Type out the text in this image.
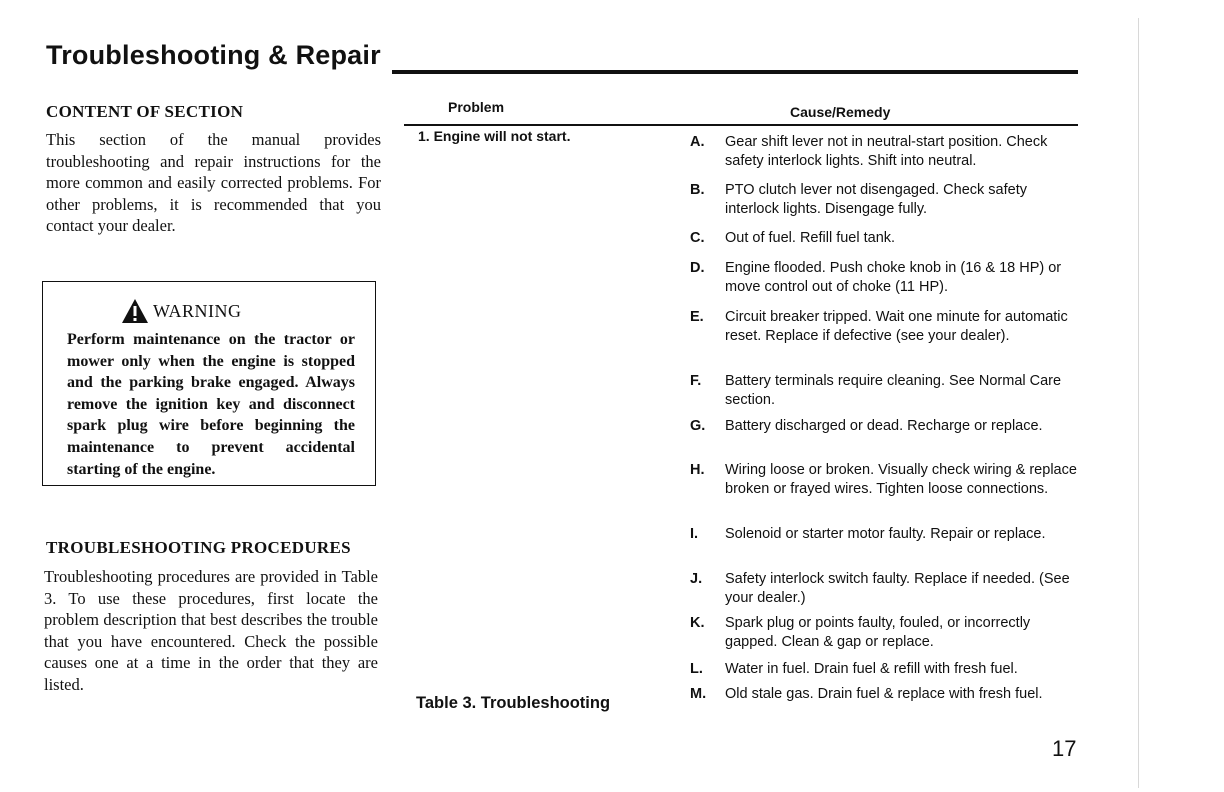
Troubleshooting & Repair
CONTENT OF SECTION
This section of the manual provides troubleshooting and repair instructions for the more common and easily corrected problems. For other problems, it is recommended that you contact your dealer.
WARNING
Perform maintenance on the tractor or mower only when the engine is stopped and the parking brake engaged. Always remove the ignition key and disconnect spark plug wire before beginning the maintenance to prevent accidental starting of the engine.
TROUBLESHOOTING PROCEDURES
Troubleshooting procedures are provided in Table 3. To use these procedures, first locate the problem description that best describes the trouble that you have encountered. Check the possible causes one at a time in the order that they are listed.
Problem	Cause/Remedy
1. Engine will not start.	A.	Gear shift lever not in neutral-start position. Check safety interlock lights. Shift into neutral.
B.	PTO clutch lever not disengaged. Check safety interlock lights. Disengage fully.
C.	Out of fuel. Refill fuel tank.
D.	Engine flooded. Push choke knob in (16 & 18 HP) or move control out of choke (11 HP).
E.	Circuit breaker tripped. Wait one minute for automatic reset. Replace if defective (see your dealer).
F.	Battery terminals require cleaning. See Normal Care section.
G.	Battery discharged or dead. Recharge or replace.
H.	Wiring loose or broken. Visually check wiring & replace broken or frayed wires. Tighten loose connections.
I.	Solenoid or starter motor faulty. Repair or replace.
J.	Safety interlock switch faulty. Replace if needed. (See your dealer.)
K.	Spark plug or points faulty, fouled, or incorrectly gapped. Clean & gap or replace.
L.	Water in fuel. Drain fuel & refill with fresh fuel.
M.	Old stale gas. Drain fuel & replace with fresh fuel.
Table 3. Troubleshooting
17
